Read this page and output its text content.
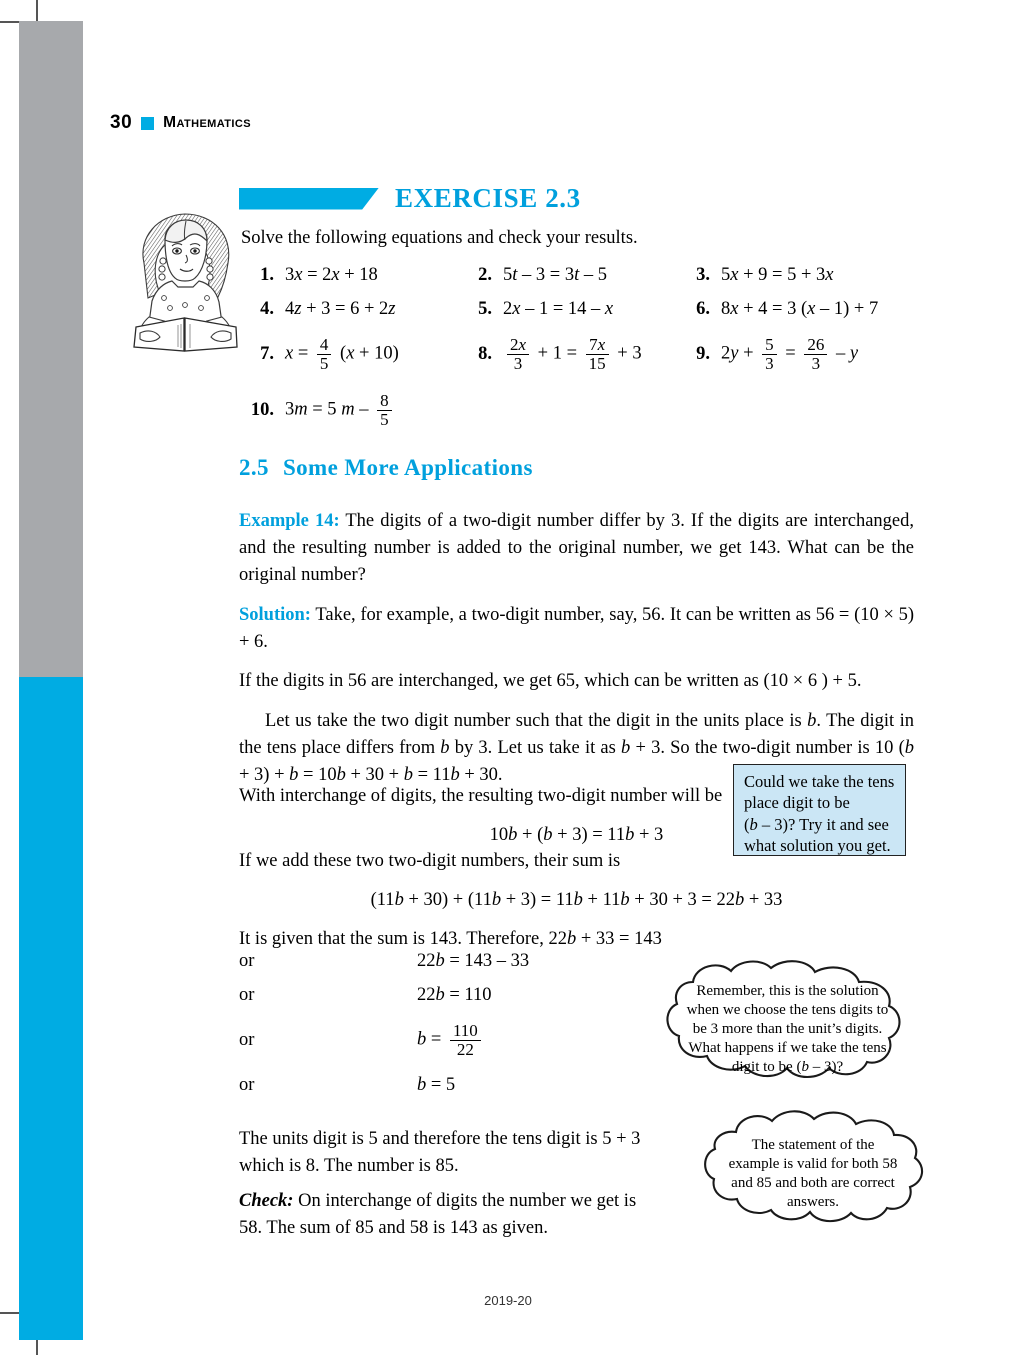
30 Mathematics
EXERCISE 2.3
Solve the following equations and check your results.
1. 3x = 2x + 18	2. 5t – 3 = 3t – 5	3. 5x + 9 = 5 + 3x
4. 4z + 3 = 6 + 2z	5. 2x – 1 = 14 – x	6. 8x + 4 = 3 (x – 1) + 7
7. $x = \frac{4}{5} (x + 10)$	8. $\frac{2x}{3} + 1 = \frac{7x}{15} + 3$	9. $2y + \frac{5}{3} = \frac{26}{3} - y$
10. 3m = 5 m – $\frac{8}{5}$
2.5 Some More Applications

Example 14: The digits of a two-digit number differ by 3. If the digits are interchanged, and the resulting number is added to the original number, we get 143. What can be the original number?

Solution: Take, for example, a two-digit number, say, 56. It can be written as 56 = (10 × 5) + 6.

If the digits in 56 are interchanged, we get 65, which can be written as (10 × 6 ) + 5.

Let us take the two digit number such that the digit in the units place is b. The digit in the tens place differs from b by 3. Let us take it as b + 3. So the two-digit number is 10 (b + 3) + b = 10b + 30 + b = 11b + 30.

With interchange of digits, the resulting two-digit number will be

10b + (b + 3) = 11b + 3

If we add these two two-digit numbers, their sum is

(11b + 30) + (11b + 3) = 11b + 11b + 30 + 3 = 22b + 33

It is given that the sum is 143. Therefore, 22b + 33 = 143

Could we take the tens
place digit to be
(b – 3)? Try it and see
what solution you get.
or	22b = 143 – 33
or	22b = 110
or	$b = \frac{110}{22}$
or	b = 5
Remember, this is the solution
when we choose the tens digits to
be 3 more than the unit’s digits.
What happens if we take the tens
digit to be (b – 3)?
The statement of the
example is valid for both 58
and 85 and both are correct
answers.
The units digit is 5 and therefore the tens digit is 5 + 3 which is 8. The number is 85.
Check: On interchange of digits the number we get is 58. The sum of 85 and 58 is 143 as given.
2019-20
